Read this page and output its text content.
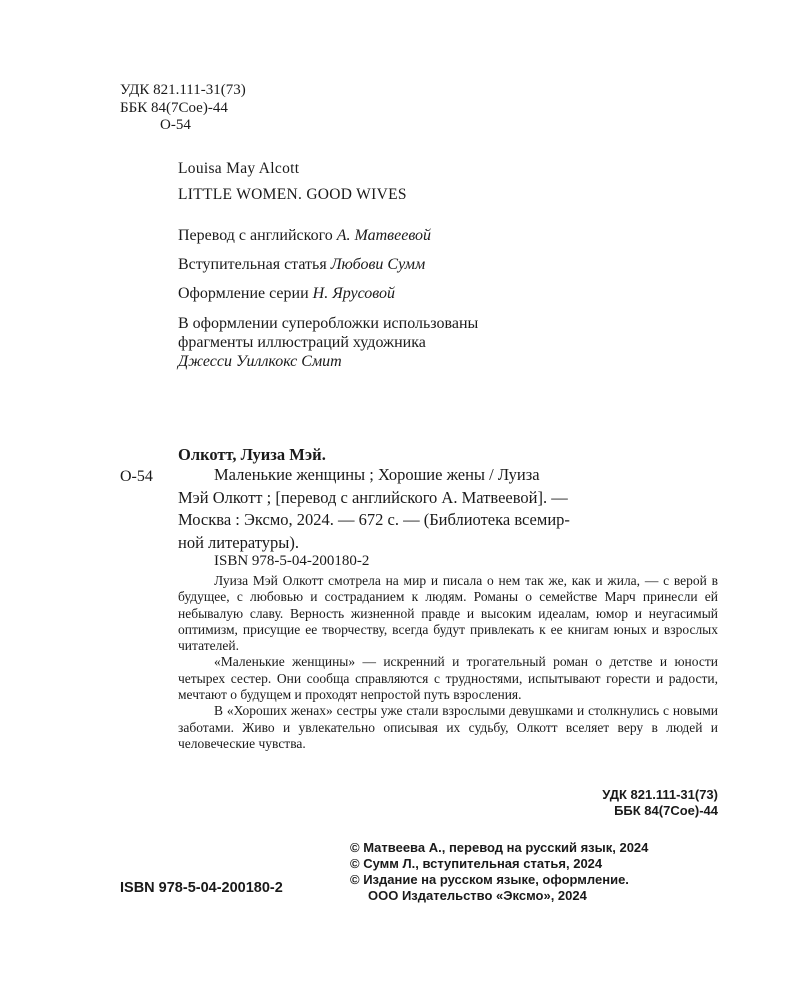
УДК 821.111-31(73)
ББК 84(7Сое)-44
О-54
Louisa May Alcott
LITTLE WOMEN. GOOD WIVES
Перевод с английского А. Матвеевой
Вступительная статья Любови Сумм
Оформление серии Н. Ярусовой
В оформлении суперобложки использованы
фрагменты иллюстраций художника
Джесси Уиллкокс Смит
Олкотт, Луиза Мэй.
О-54	Маленькие женщины ; Хорошие жены / Луиза
Мэй Олкотт ; [перевод с английского А. Матвеевой]. —
Москва : Эксмо, 2024. — 672 с. — (Библиотека всемир-
ной литературы).
ISBN 978-5-04-200180-2

Луиза Мэй Олкотт смотрела на мир и писала о нем так же, как и жила, — с верой в будущее, с любовью и состраданием к людям. Романы о семействе Марч принесли ей небывалую славу. Верность жизненной правде и высоким идеалам, юмор и неугасимый оптимизм, присущие ее творчеству, всегда будут привлекать к ее книгам юных и взрослых читателей.

«Маленькие женщины» — искренний и трогательный роман о детстве и юности четырех сестер. Они сообща справляются с трудностями, испытывают горести и радости, мечтают о будущем и проходят непростой путь взросления.

В «Хороших женах» сестры уже стали взрослыми девушками и столкнулись с новыми заботами. Живо и увлекательно описывая их судьбу, Олкотт вселяет веру в людей и человеческие чувства.

УДК 821.111-31(73)
ББК 84(7Сое)-44
© Матвеева А., перевод на русский язык, 2024
© Сумм Л., вступительная статья, 2024
© Издание на русском языке, оформление.
ООО Издательство «Эксмо», 2024
ISBN 978-5-04-200180-2
